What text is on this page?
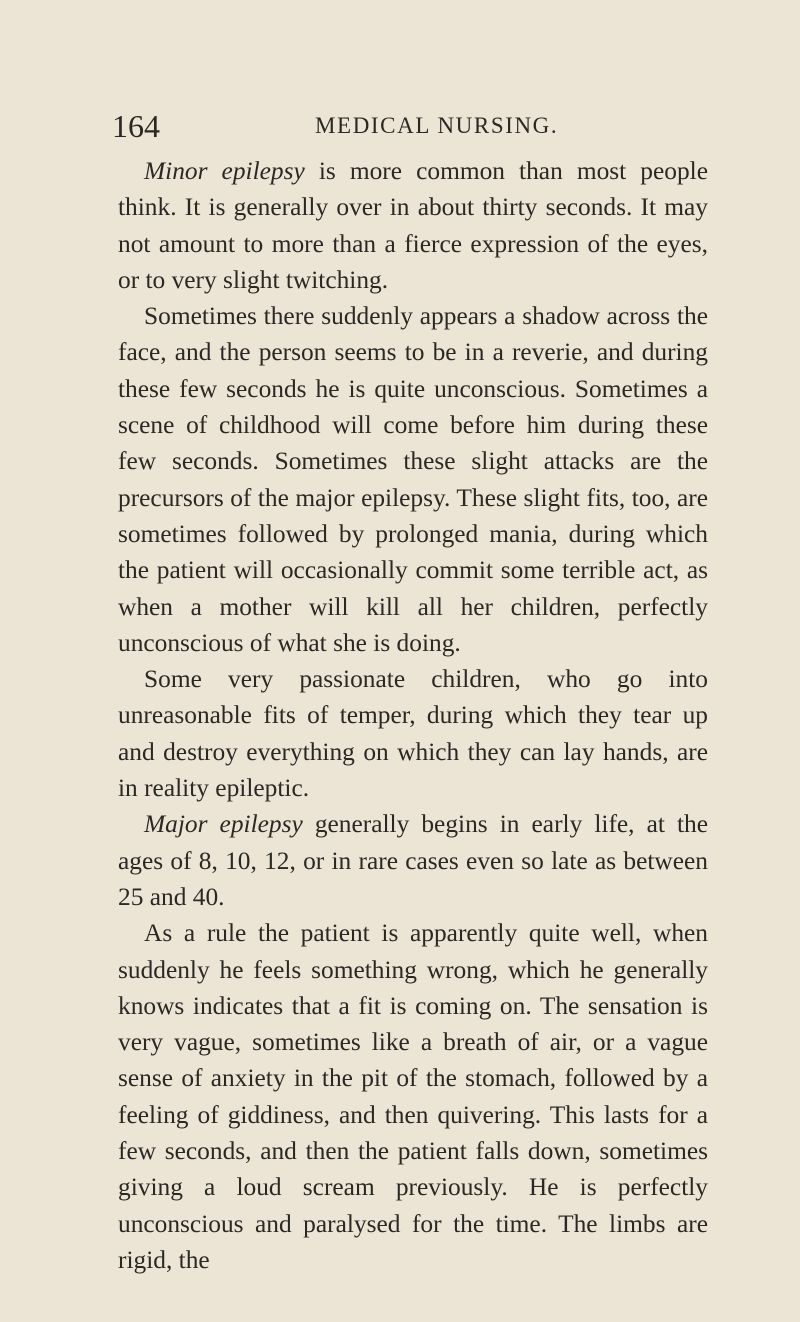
164	MEDICAL NURSING.

Minor epilepsy is more common than most people think. It is generally over in about thirty seconds. It may not amount to more than a fierce expression of the eyes, or to very slight twitching.

Sometimes there suddenly appears a shadow across the face, and the person seems to be in a reverie, and during these few seconds he is quite unconscious. Sometimes a scene of childhood will come before him during these few seconds. Sometimes these slight attacks are the precursors of the major epilepsy. These slight fits, too, are sometimes followed by prolonged mania, during which the patient will occasionally commit some terrible act, as when a mother will kill all her children, perfectly unconscious of what she is doing.

Some very passionate children, who go into unreasonable fits of temper, during which they tear up and destroy everything on which they can lay hands, are in reality epileptic.

Major epilepsy generally begins in early life, at the ages of 8, 10, 12, or in rare cases even so late as between 25 and 40.

As a rule the patient is apparently quite well, when suddenly he feels something wrong, which he generally knows indicates that a fit is coming on. The sensation is very vague, sometimes like a breath of air, or a vague sense of anxiety in the pit of the stomach, followed by a feeling of giddiness, and then quivering. This lasts for a few seconds, and then the patient falls down, sometimes giving a loud scream previously. He is perfectly unconscious and paralysed for the time. The limbs are rigid, the
